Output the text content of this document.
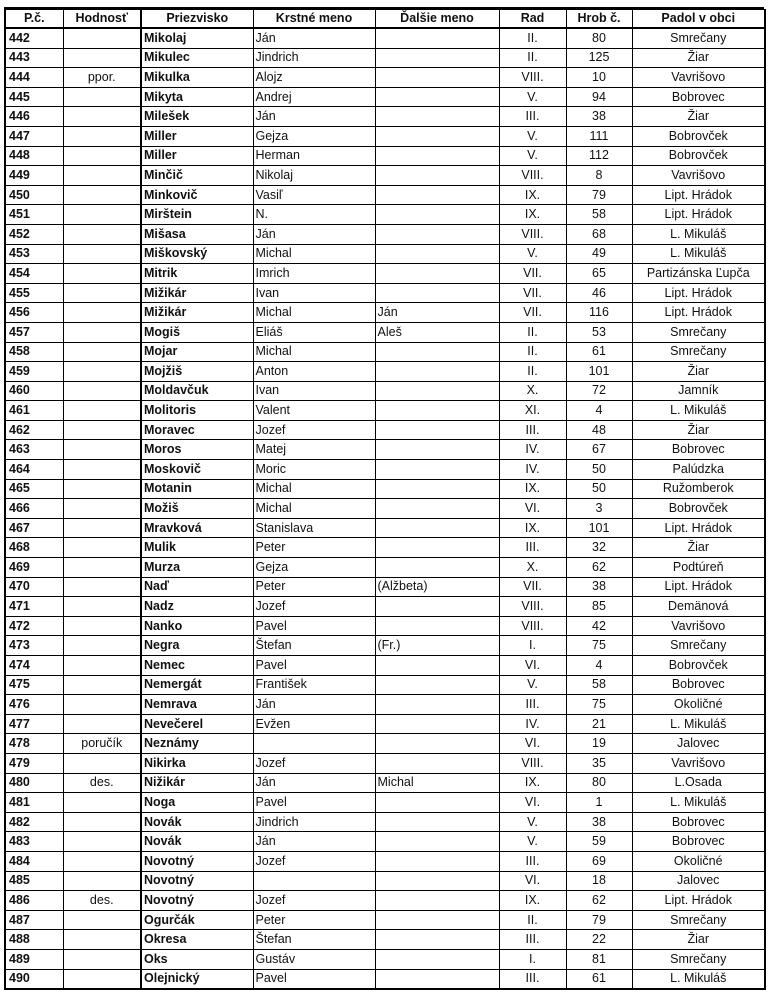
P.č.	Hodnosť	Priezvisko	Krstné meno	Ďalšie meno	Rad	Hrob č.	Padol v obci
442		Mikolaj	Ján		II.	80	Smrečany
443		Mikulec	Jindrich		II.	125	Žiar
444	ppor.	Mikulka	Alojz		VIII.	10	Vavrišovo
445		Mikyta	Andrej		V.	94	Bobrovec
446		Milešek	Ján		III.	38	Žiar
447		Miller	Gejza		V.	111	Bobrovček
448		Miller	Herman		V.	112	Bobrovček
449		Minčič	Nikolaj		VIII.	8	Vavrišovo
450		Minkovič	Vasiľ		IX.	79	Lipt. Hrádok
451		Mirštein	N.		IX.	58	Lipt. Hrádok
452		Mišasa	Ján		VIII.	68	L. Mikuláš
453		Miškovský	Michal		V.	49	L. Mikuláš
454		Mitrik	Imrich		VII.	65	Partizánska Ľupča
455		Mižikár	Ivan		VII.	46	Lipt. Hrádok
456		Mižikár	Michal	Ján	VII.	116	Lipt. Hrádok
457		Mogiš	Eliáš	Aleš	II.	53	Smrečany
458		Mojar	Michal		II.	61	Smrečany
459		Mojžiš	Anton		II.	101	Žiar
460		Moldavčuk	Ivan		X.	72	Jamník
461		Molitoris	Valent		XI.	4	L. Mikuláš
462		Moravec	Jozef		III.	48	Žiar
463		Moros	Matej		IV.	67	Bobrovec
464		Moskovič	Moric		IV.	50	Palúdzka
465		Motanin	Michal		IX.	50	Ružomberok
466		Možiš	Michal		VI.	3	Bobrovček
467		Mravková	Stanislava		IX.	101	Lipt. Hrádok
468		Mulik	Peter		III.	32	Žiar
469		Murza	Gejza		X.	62	Podtúreň
470		Naď	Peter	(Alžbeta)	VII.	38	Lipt. Hrádok
471		Nadz	Jozef		VIII.	85	Demänová
472		Nanko	Pavel		VIII.	42	Vavrišovo
473		Negra	Štefan	(Fr.)	I.	75	Smrečany
474		Nemec	Pavel		VI.	4	Bobrovček
475		Nemergát	František		V.	58	Bobrovec
476		Nemrava	Ján		III.	75	Okoličné
477		Nevečerel	Evžen		IV.	21	L. Mikuláš
478	poručík	Neznámy			VI.	19	Jalovec
479		Nikirka	Jozef		VIII.	35	Vavrišovo
480	des.	Nižikár	Ján	Michal	IX.	80	L.Osada
481		Noga	Pavel		VI.	1	L. Mikuláš
482		Novák	Jindrich		V.	38	Bobrovec
483		Novák	Ján		V.	59	Bobrovec
484		Novotný	Jozef		III.	69	Okoličné
485		Novotný			VI.	18	Jalovec
486	des.	Novotný	Jozef		IX.	62	Lipt. Hrádok
487		Ogurčák	Peter		II.	79	Smrečany
488		Okresa	Štefan		III.	22	Žiar
489		Oks	Gustáv		I.	81	Smrečany
490		Olejnický	Pavel		III.	61	L. Mikuláš
